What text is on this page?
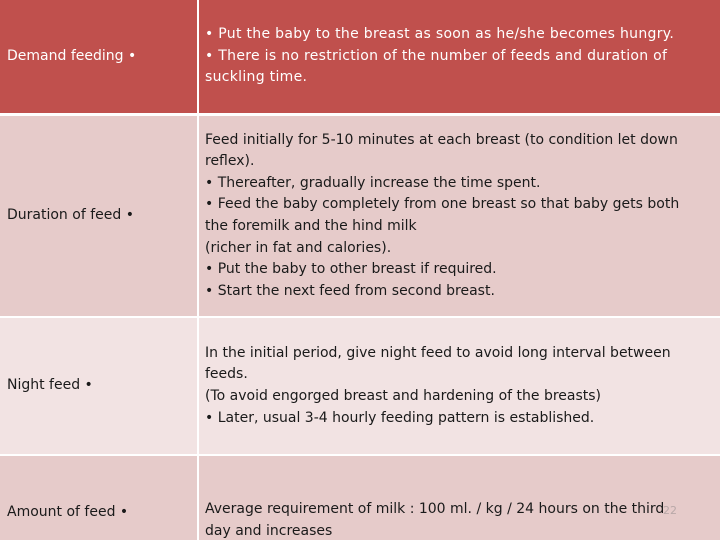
Demand feeding •
• Put the baby to the breast as soon as he/she becomes hungry.
• There is no restriction of the number of feeds and duration of
suckling time.
Duration of feed •
Feed initially for 5-10 minutes at each breast (to condition let down
reflex).
• Thereafter, gradually increase the time spent.
• Feed the baby completely from one breast so that baby gets both
the foremilk and the hind milk
(richer in fat and calories).
• Put the baby to other breast if required.
• Start the next feed from second breast.
Night feed •
In the initial period, give night feed to avoid long interval between
feeds.
(To avoid engorged breast and hardening of the breasts)
• Later, usual 3-4 hourly feeding pattern is established.
Amount of feed •	Average requirement of milk : 100 ml. / kg / 24 hours on the third
day and increases
22
